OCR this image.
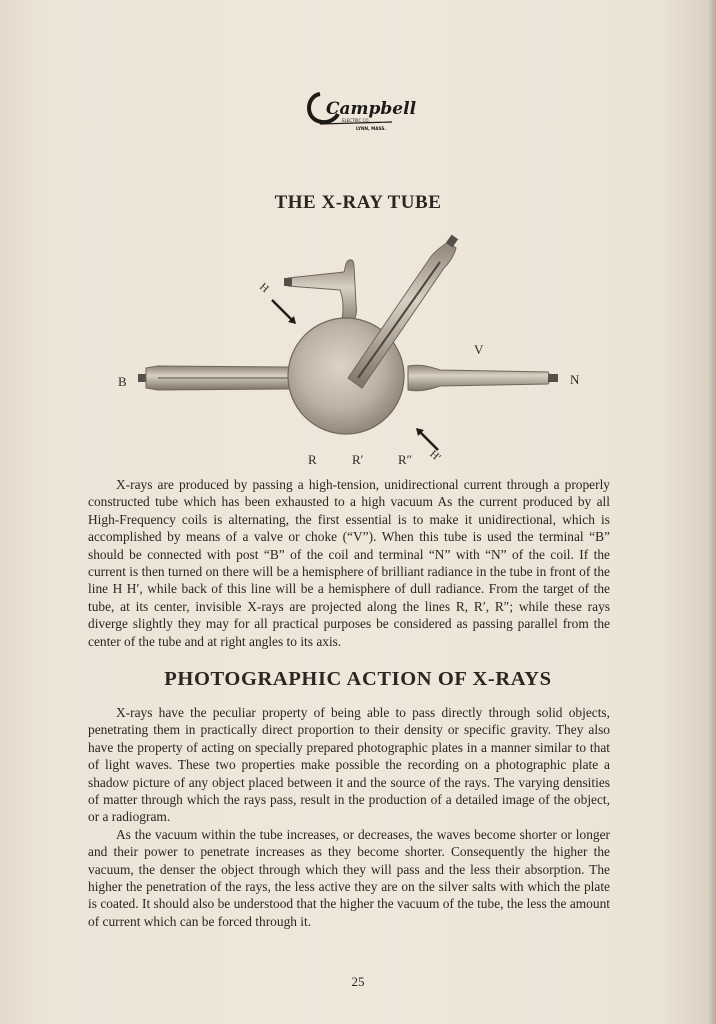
Campbell
ELECTRIC CO.
LYNN, MASS.
THE X-RAY TUBE
B	N
V
H
H′
R	R′	R″

X-rays are produced by passing a high-tension, unidirectional current through a properly constructed tube which has been exhausted to a high vacuum As the current produced by all High-Frequency coils is alternating, the first essential is to make it unidirectional, which is accomplished by means of a valve or choke (“V”). When this tube is used the terminal “B” should be connected with post “B” of the coil and terminal “N” with “N” of the coil. If the current is then turned on there will be a hemisphere of brilliant radiance in the tube in front of the line H H′, while back of this line will be a hemisphere of dull radiance. From the target of the tube, at its center, invisible X-rays are projected along the lines R, R′, R″; while these rays diverge slightly they may for all practical purposes be considered as passing parallel from the center of the tube and at right angles to its axis.

PHOTOGRAPHIC ACTION OF X-RAYS

X-rays have the peculiar property of being able to pass directly through solid objects, penetrating them in practically direct proportion to their density or specific gravity. They also have the property of acting on specially prepared photographic plates in a manner similar to that of light waves. These two properties make possible the recording on a photographic plate a shadow picture of any object placed between it and the source of the rays. The varying densities of matter through which the rays pass, result in the production of a detailed image of the object, or a radiogram.

As the vacuum within the tube increases, or decreases, the waves become shorter or longer and their power to penetrate increases as they become shorter. Consequently the higher the vacuum, the denser the object through which they will pass and the less their absorption. The higher the penetration of the rays, the less active they are on the silver salts with which the plate is coated. It should also be understood that the higher the vacuum of the tube, the less the amount of current which can be forced through it.

25
